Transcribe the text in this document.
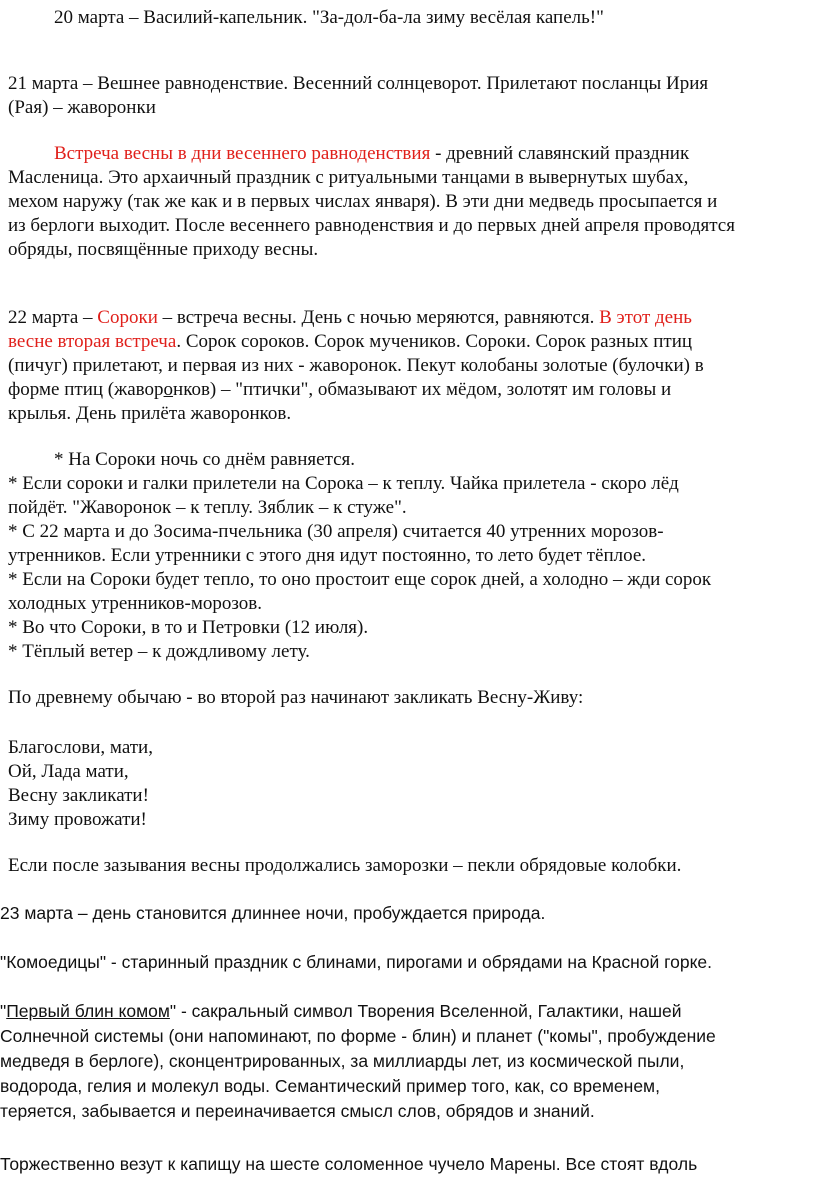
20 марта – Василий-капельник. "За-дол-ба-ла зиму весёлая капель!"
21 марта – Вешнее равноденствие. Весенний солнцеворот. Прилетают посланцы Ирия
(Рая) – жаворонки
Встреча весны в дни весеннего равноденствия - древний славянский праздник
Масленица. Это архаичный праздник с ритуальными танцами в вывернутых шубах,
мехом наружу (так же как и в первых числах января). В эти дни медведь просыпается и
из берлоги выходит. После весеннего равноденствия и до первых дней апреля проводятся
обряды, посвящённые приходу весны.
22 марта – Сороки – встреча весны. День с ночью меряются, равняются. В этот день
весне вторая встреча. Сорок сороков. Сорок мучеников. Сороки. Сорок разных птиц
(пичуг) прилетают, и первая из них - жаворонок. Пекут колобаны золотые (булочки) в
форме птиц (жаворонков) – "птички", обмазывают их мёдом, золотят им головы и
крылья. День прилёта жаворонков.
* На Сороки ночь со днём равняется.
* Если сороки и галки прилетели на Сорока – к теплу. Чайка прилетела - скоро лёд
пойдёт. "Жаворонок – к теплу. Зяблик – к стуже".
* С 22 марта и до Зосима-пчельника (30 апреля) считается 40 утренних морозов-
утренников. Если утренники с этого дня идут постоянно, то лето будет тёплое.
* Если на Сороки будет тепло, то оно простоит еще сорок дней, а холодно – жди сорок
холодных утренников-морозов.
* Во что Сороки, в то и Петровки (12 июля).
* Тёплый ветер – к дождливому лету.
По древнему обычаю - во второй раз начинают закликать Весну-Живу:
Благослови, мати,
Ой, Лада мати,
Весну закликати!
Зиму провожати!
Если после зазывания весны продолжались заморозки – пекли обрядовые колобки.
23 марта – день становится длиннее ночи, пробуждается природа.
"Комоедицы" - старинный праздник с блинами, пирогами и обрядами на Красной горке.
"Первый блин комом" - сакральный символ Творения Вселенной, Галактики, нашей
Солнечной системы (они напоминают, по форме - блин) и планет ("комы", пробуждение
медведя в берлоге), сконцентрированных, за миллиарды лет, из космической пыли,
водорода, гелия и молекул воды. Семантический пример того, как, со временем,
теряется, забывается и переиначивается смысл слов, обрядов и знаний.
Торжественно везут к капищу на шесте соломенное чучело Марены. Все стоят вдоль
